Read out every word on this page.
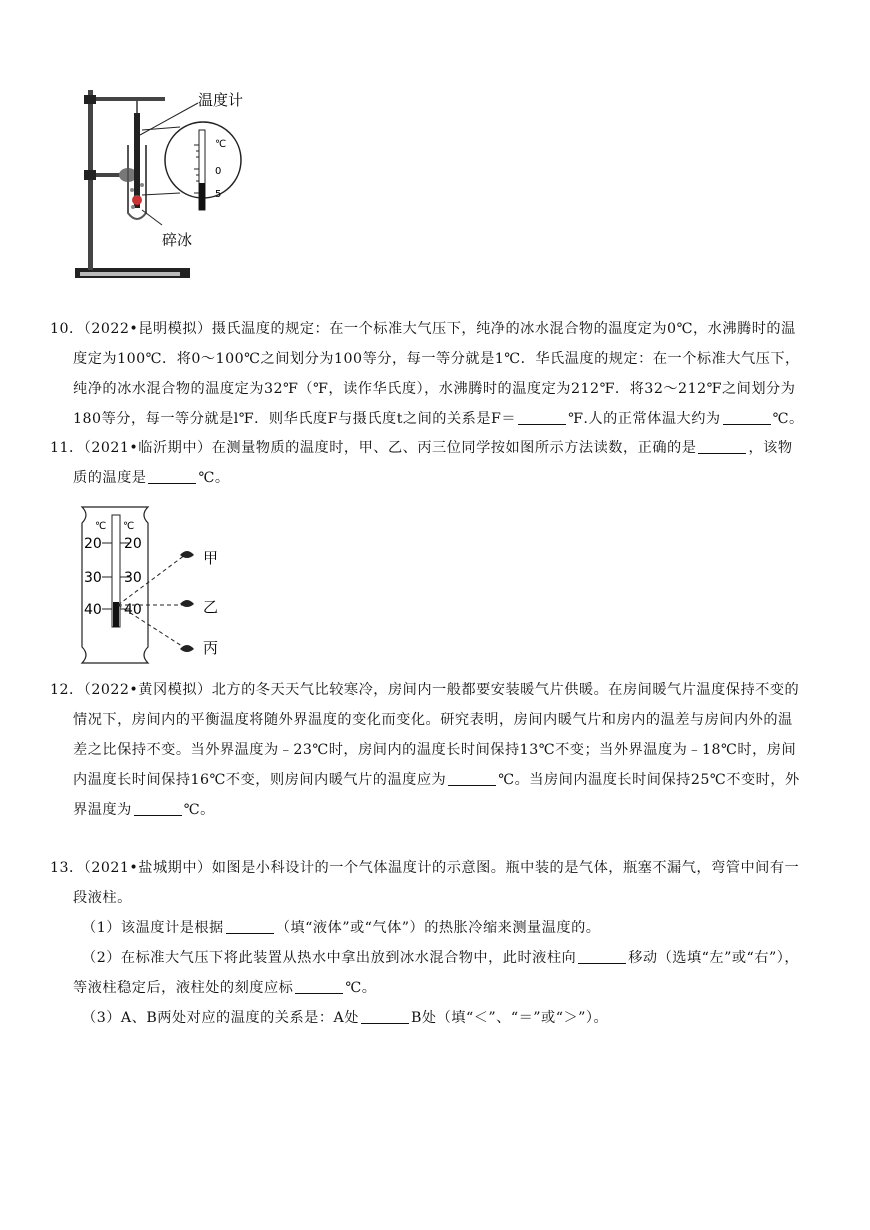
℃
0
5
温度计
碎冰

10．（2022•昆明模拟）摄氏温度的规定：在一个标准大气压下，纯净的冰水混合物的温度定为0℃，水沸腾时的温

度定为100℃．将0～100℃之间划分为100等分，每一等分就是1℃．华氏温度的规定：在一个标准大气压下，

纯净的冰水混合物的温度定为32℉（℉，读作华氏度），水沸腾时的温度定为212℉．将32～212℉之间划分为

180等分，每一等分就是l℉．则华氏度F与摄氏度t之间的关系是F＝	℉.人的正常体温大约为	℃。

11．（2021•临沂期中）在测量物质的温度时，甲、乙、丙三位同学按如图所示方法读数，正确的是	，该物

质的温度是	℃。

℃ ℃
20 20
30 30
40 40
甲
乙
丙

12．（2022•黄冈模拟）北方的冬天天气比较寒冷，房间内一般都要安装暖气片供暖。在房间暖气片温度保持不变的

情况下，房间内的平衡温度将随外界温度的变化而变化。研究表明，房间内暖气片和房内的温差与房间内外的温

差之比保持不变。当外界温度为﹣23℃时，房间内的温度长时间保持13℃不变；当外界温度为﹣18℃时，房间

内温度长时间保持16℃不变，则房间内暖气片的温度应为	℃。当房间内温度长时间保持25℃不变时，外

界温度为	℃。

13．（2021•盐城期中）如图是小科设计的一个气体温度计的示意图。瓶中装的是气体，瓶塞不漏气，弯管中间有一

段液柱。

（1）该温度计是根据	（填“液体”或“气体”）的热胀冷缩来测量温度的。

（2）在标准大气压下将此装置从热水中拿出放到冰水混合物中，此时液柱向	移动（选填“左”或“右”），

等液柱稳定后，液柱处的刻度应标	℃。

（3）A、B两处对应的温度的关系是：A处	B处（填“＜”、“＝”或“＞”）。
